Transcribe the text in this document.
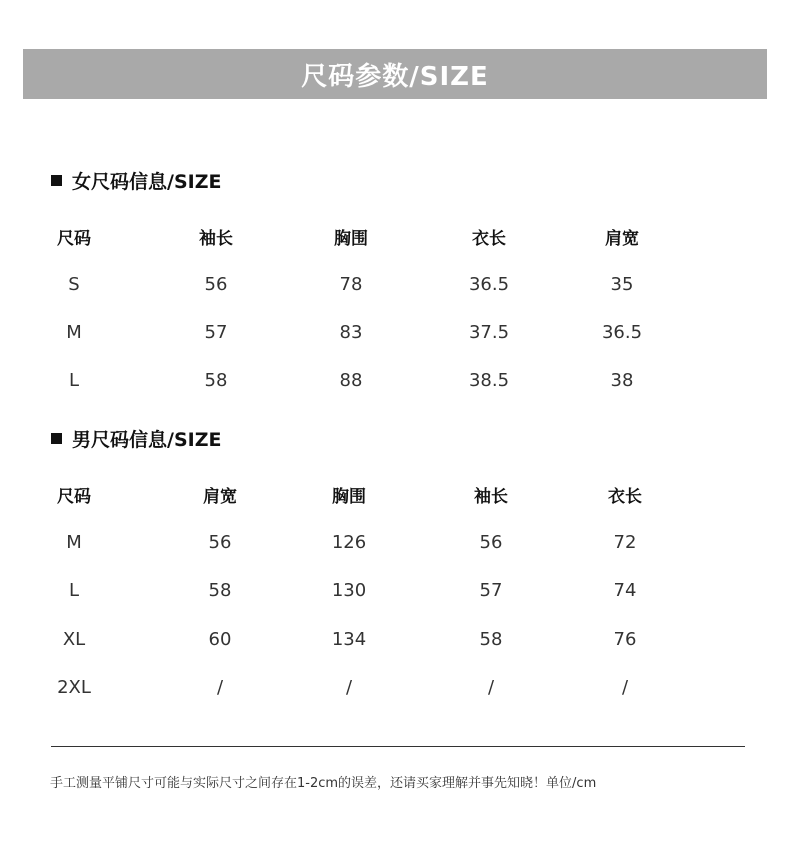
尺码参数/SIZE
女尺码信息/SIZE
尺码	袖长	胸围	衣长	肩宽
S	56	78	36.5	35
M	57	83	37.5	36.5
L	58	88	38.5	38
男尺码信息/SIZE
尺码	肩宽	胸围	袖长	衣长
M	56	126	56	72
L	58	130	57	74
XL	60	134	58	76
2XL	/	/	/	/
手工测量平铺尺寸可能与实际尺寸之间存在1-2cm的误差，还请买家理解并事先知晓！单位/cm
